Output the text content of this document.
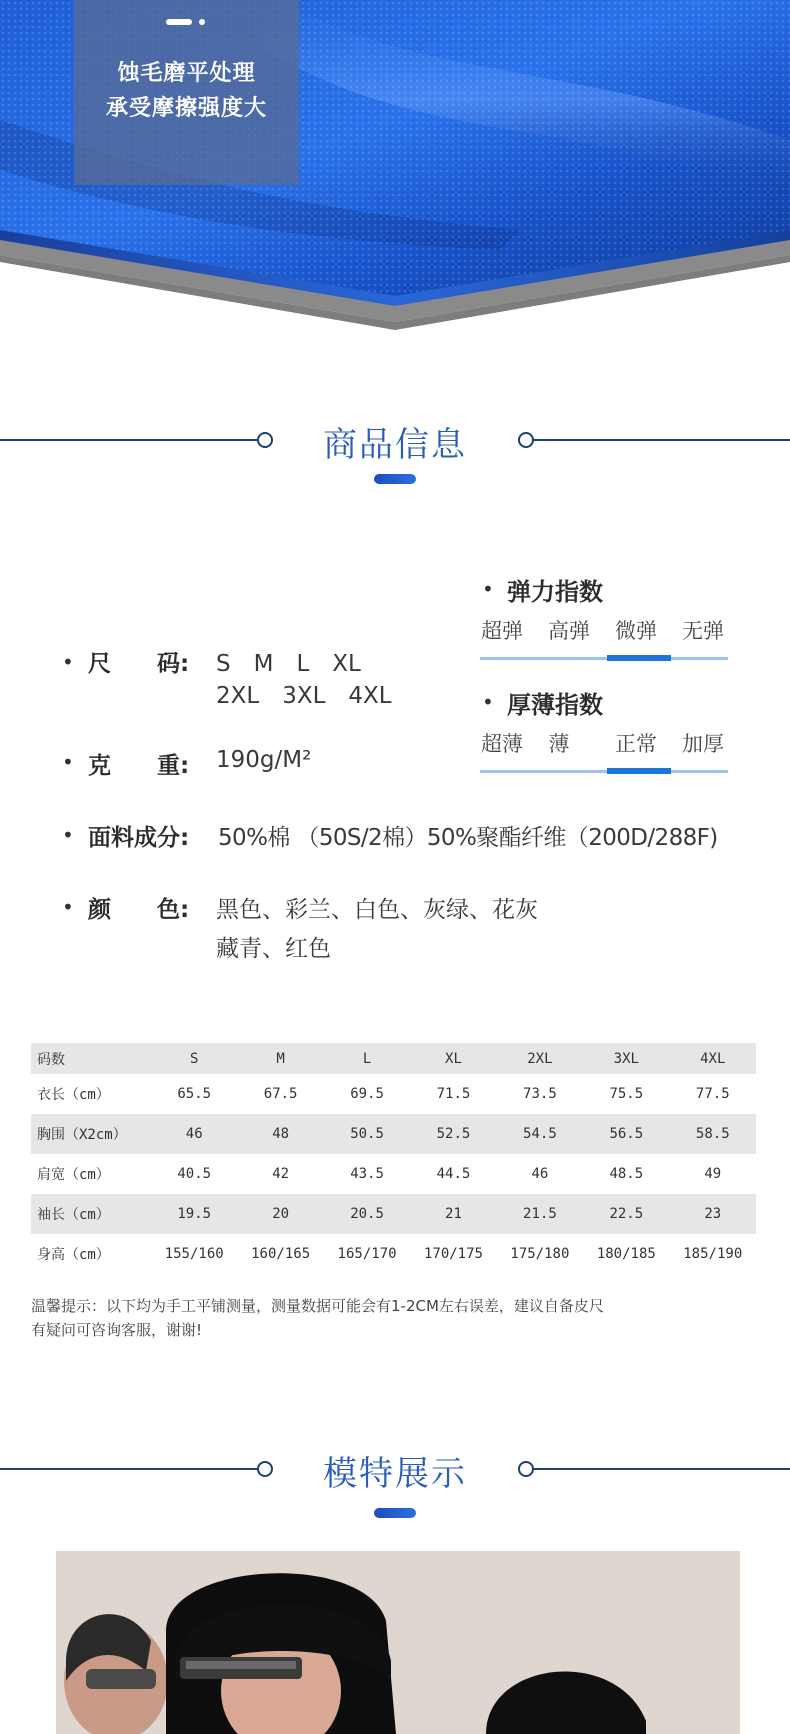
蚀毛磨平处理
承受摩擦强度大
商品信息
• 尺　　码: S　M　L　XL
2XL　3XL　4XL
• 克　　重: 190g/M²
• 面料成分: 50%棉 （50S/2棉）50%聚酯纤维（200D/288F)
• 颜　　色: 黑色、彩兰、白色、灰绿、花灰
藏青、红色
• 弹力指数
超弹	高弹	微弹	无弹
• 厚薄指数
超薄	薄	正常	加厚
码数	S	M	L	XL	2XL	3XL	4XL
衣长（cm）	65.5	67.5	69.5	71.5	73.5	75.5	77.5
胸围（X2cm）	46	48	50.5	52.5	54.5	56.5	58.5
肩宽（cm）	40.5	42	43.5	44.5	46	48.5	49
袖长（cm）	19.5	20	20.5	21	21.5	22.5	23
身高（cm）	155/160	160/165	165/170	170/175	175/180	180/185	185/190
温馨提示：以下均为手工平铺测量，测量数据可能会有1-2CM左右误差，建议自备皮尺
有疑问可咨询客服，谢谢!
模特展示
